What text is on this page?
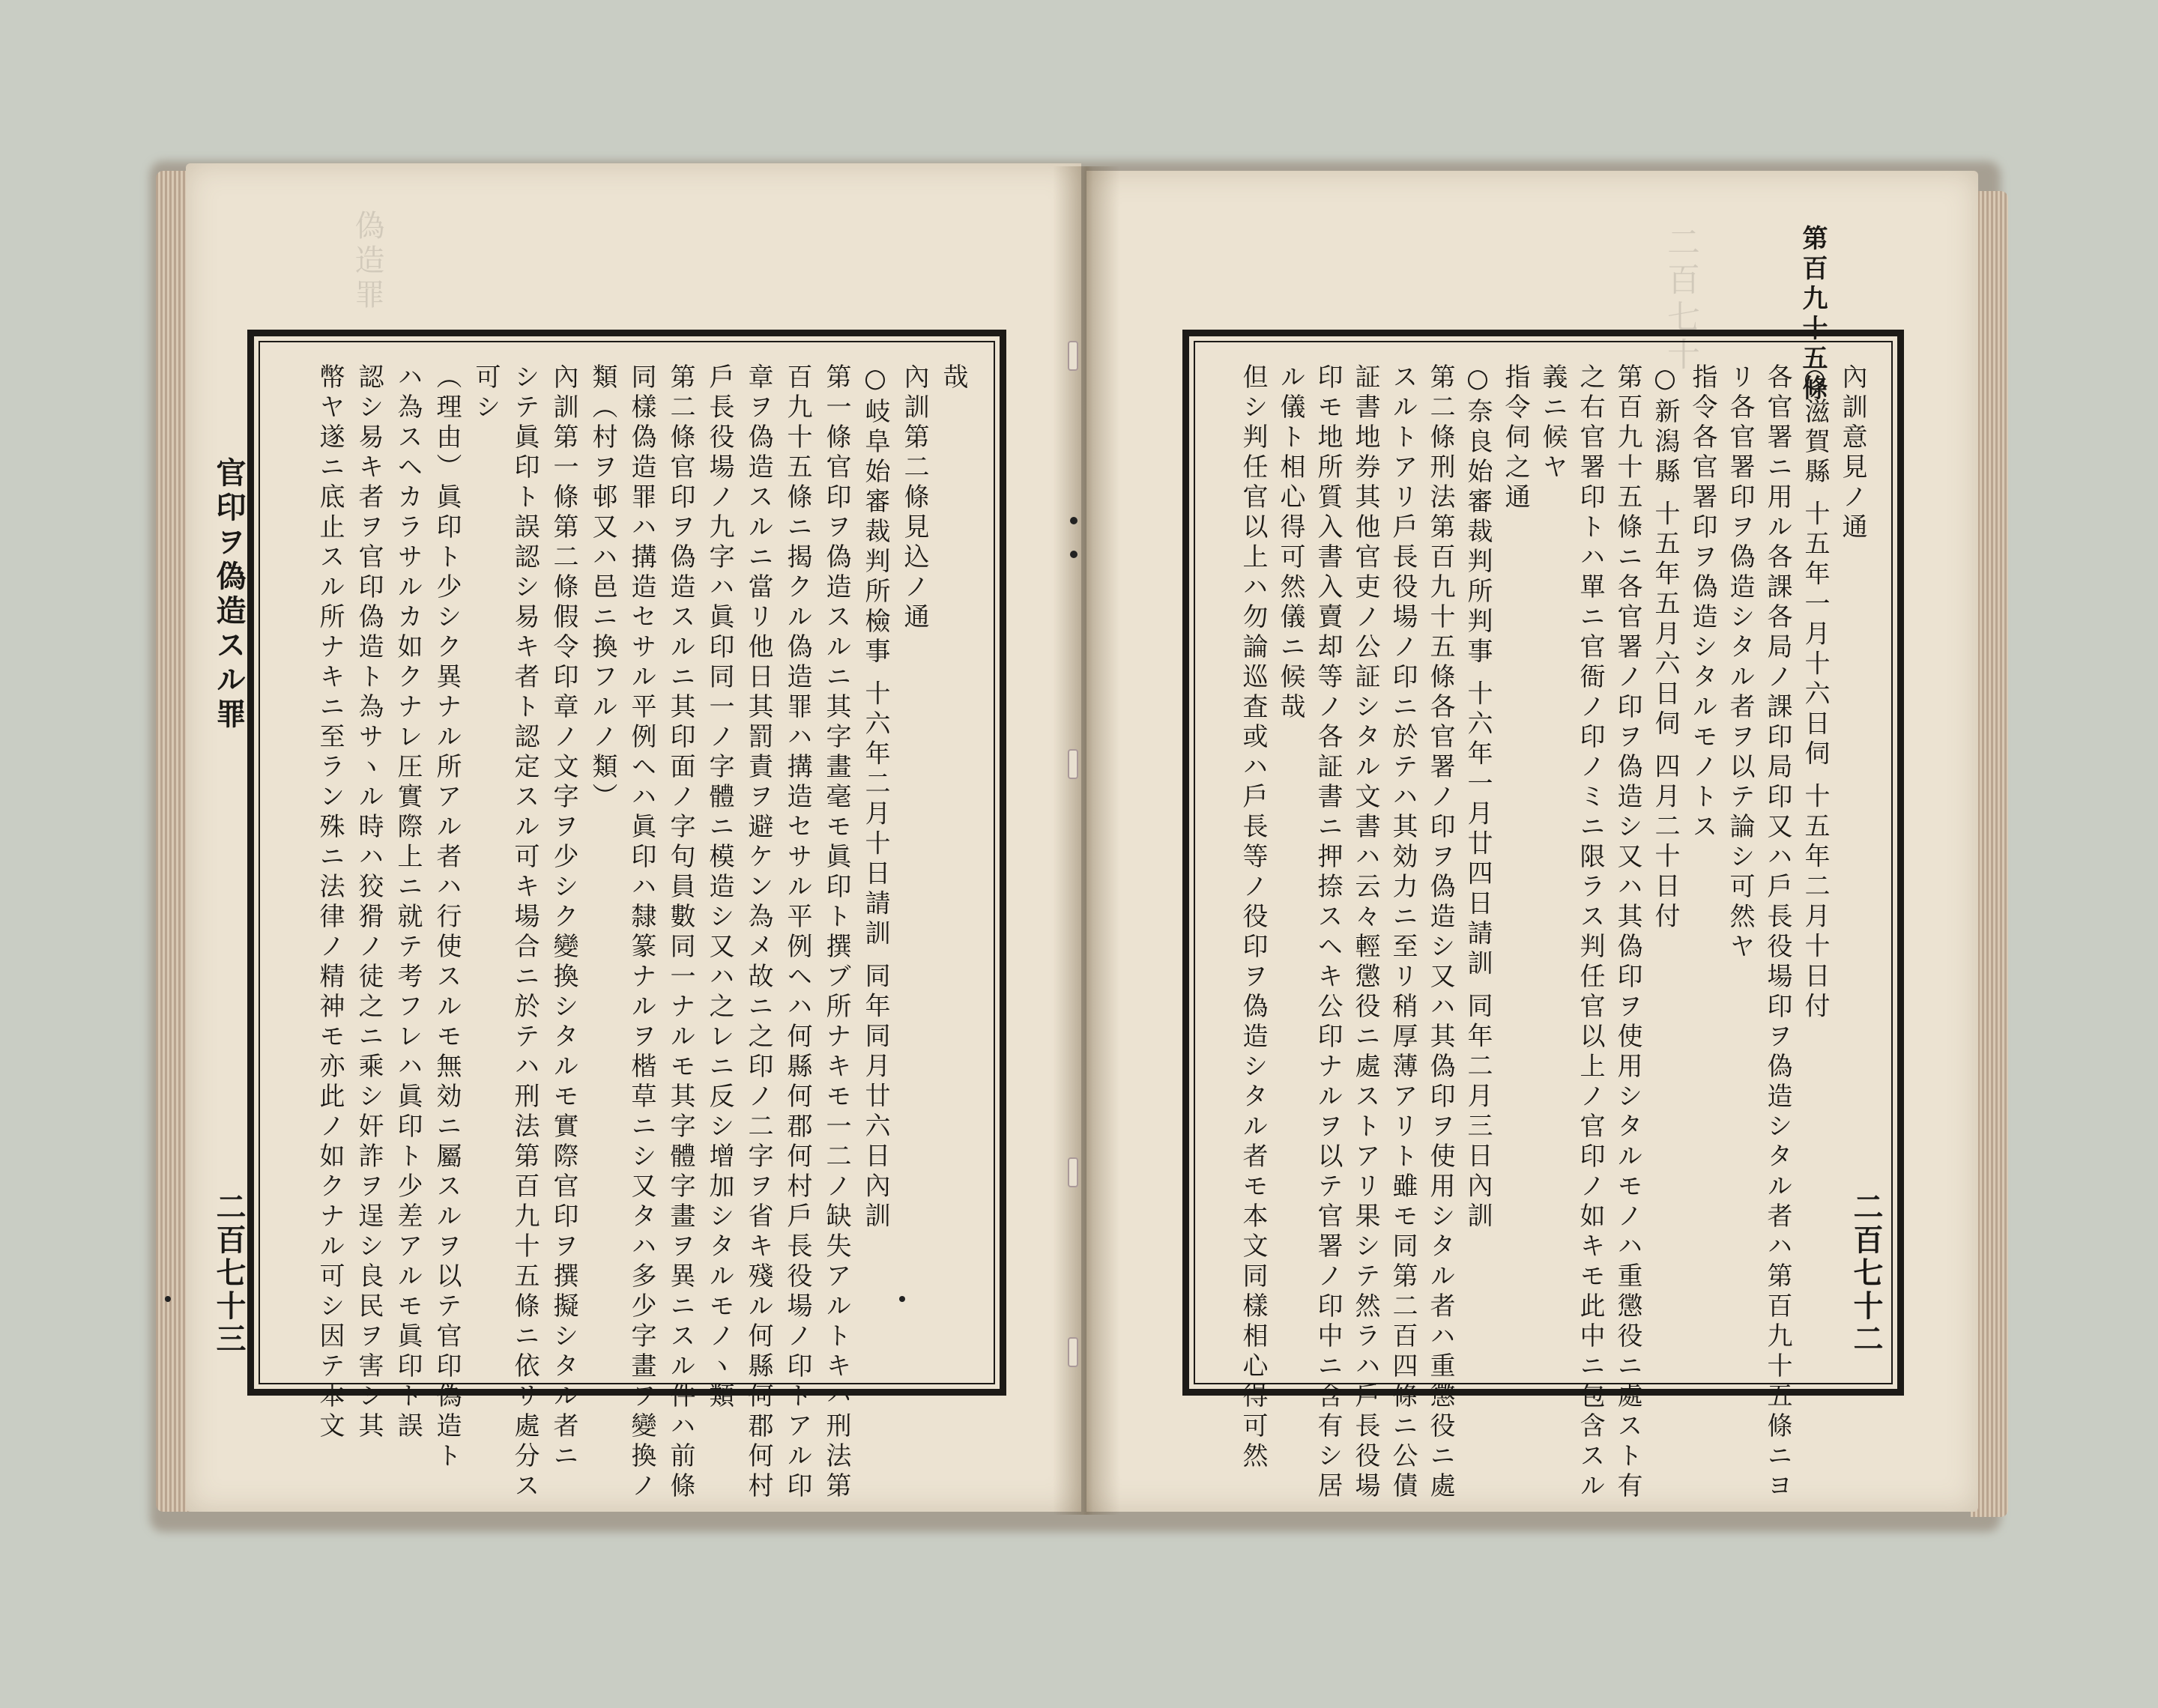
二百七十
偽造罪	第百九十五條
內訓意見ノ通
○滋賀縣 十五年一月十六日伺 十五年二月十日付
各官署ニ用ル各課各局ノ課印局印又ハ戶長役場印ヲ偽造シタル者ハ第百九十五條ニヨ
リ各官署印ヲ偽造シタル者ヲ以テ論シ可然ヤ
指令各官署印ヲ偽造シタルモノトス
○新潟縣 十五年五月六日伺 四月二十日付
第百九十五條ニ各官署ノ印ヲ偽造シ又ハ其偽印ヲ使用シタルモノハ重懲役ニ處スト有
之右官署印トハ單ニ官衙ノ印ノミニ限ラス判任官以上ノ官印ノ如キモ此中ニ包含スル
義ニ候ヤ
指令伺之通
○奈良始審裁判所判事 十六年一月廿四日請訓 同年二月三日內訓
第二條刑法第百九十五條各官署ノ印ヲ偽造シ又ハ其偽印ヲ使用シタル者ハ重懲役ニ處
スルトアリ戶長役場ノ印ニ於テハ其効力ニ至リ稍厚薄アリト雖モ同第二百四條ニ公債
証書地券其他官吏ノ公証シタル文書ハ云々輕懲役ニ處ストアリ果シテ然ラハ戶長役場
印モ地所質入書入賣却等ノ各証書ニ押捺スヘキ公印ナルヲ以テ官署ノ印中ニ含有シ居
ル儀ト相心得可然儀ニ候哉
但シ判任官以上ハ勿論巡査或ハ戶長等ノ役印ヲ偽造シタル者モ本文同樣相心得可然	二百七十二
官印ヲ偽造スル罪
哉
內訓第二條見込ノ通
○岐阜始審裁判所檢事 十六年二月十日請訓 同年同月廿六日內訓
第一條官印ヲ偽造スルニ其字畫毫モ眞印ト撰ブ所ナキモ一二ノ缺失アルトキハ刑法第
百九十五條ニ揭クル偽造罪ハ搆造セサル平例ヘハ何縣何郡何村戶長役場ノ印トアル印
章ヲ偽造スルニ當リ他日其罰責ヲ避ケン為メ故ニ之印ノ二字ヲ省キ殘ル何縣何郡何村
戶長役場ノ九字ハ眞印同一ノ字體ニ模造シ又ハ之レニ反シ增加シタルモノヽ類
第二條官印ヲ偽造スルニ其印面ノ字句員數同一ナルモ其字體字畫ヲ異ニスル件ハ前條
同樣偽造罪ハ搆造セサル平例ヘハ眞印ハ隸篆ナルヲ楷草ニシ又タハ多少字畫ヲ變換ノ
類（村ヲ邨又ハ邑ニ換フルノ類）
內訓第一條第二條假令印章ノ文字ヲ少シク變換シタルモ實際官印ヲ撰擬シタル者ニ
シテ眞印ト誤認シ易キ者ト認定スル可キ場合ニ於テハ刑法第百九十五條ニ依リ處分ス
可シ
（理由）眞印ト少シク異ナル所アル者ハ行使スルモ無効ニ屬スルヲ以テ官印偽造ト
ハ為スヘカラサルカ如クナレ圧實際上ニ就テ考フレハ眞印ト少差アルモ眞印ト誤
認シ易キ者ヲ官印偽造ト為サヽル時ハ狡猾ノ徒之ニ乘シ奸詐ヲ逞シ良民ヲ害シ其
幣ヤ遂ニ底止スル所ナキニ至ラン殊ニ法律ノ精神モ亦此ノ如クナル可シ因テ本文
二百七十三
